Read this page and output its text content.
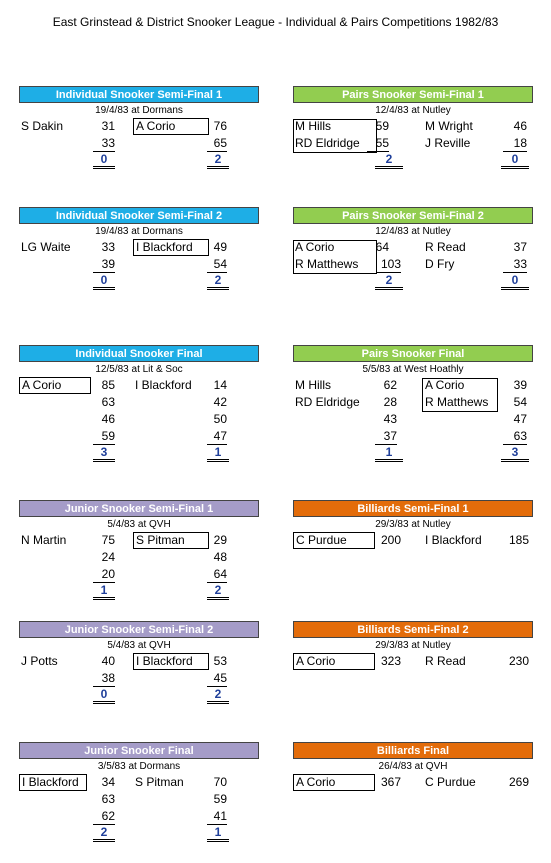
East Grinstead & District Snooker League - Individual & Pairs Competitions 1982/83
Individual Snooker Semi-Final 1
19/4/83 at Dormans
S Dakin	31 A Corio	76
33	65
0	2
Pairs Snooker Semi-Final 1
12/4/83 at Nutley
M Hills	59	M Wright	46
RD Eldridge	55	J Reville	18
2	0
Individual Snooker Semi-Final 2
19/4/83 at Dormans
LG Waite	33 I Blackford	49
39	54
0	2
Pairs Snooker Semi-Final 2
12/4/83 at Nutley
A Corio	64	R Read	37
R Matthews	103 D Fry	33
2	0
Individual Snooker Final
12/5/83 at Lit & Soc
A Corio	85 I Blackford	14
63	42
46	50
59	47
3	1
Pairs Snooker Final
5/5/83 at West Hoathly
M Hills	62 A Corio	39
RD Eldridge	28 R Matthews	54
43	47
37	63
1	3
Junior Snooker Semi-Final 1
5/4/83 at QVH
N Martin	75 S Pitman	29
24	48
20	64
1	2
Billiards Semi-Final 1
29/3/83 at Nutley
C Purdue	200 I Blackford	185
Junior Snooker Semi-Final 2
5/4/83 at QVH
J Potts	40 I Blackford	53
38	45
0	2
Billiards Semi-Final 2
29/3/83 at Nutley
A Corio	323 R Read	230
Junior Snooker Final
3/5/83 at Dormans
I Blackford	34 S Pitman	70
63	59
62	41
2	1
Billiards Final
26/4/83 at QVH
A Corio	367 C Purdue	269
